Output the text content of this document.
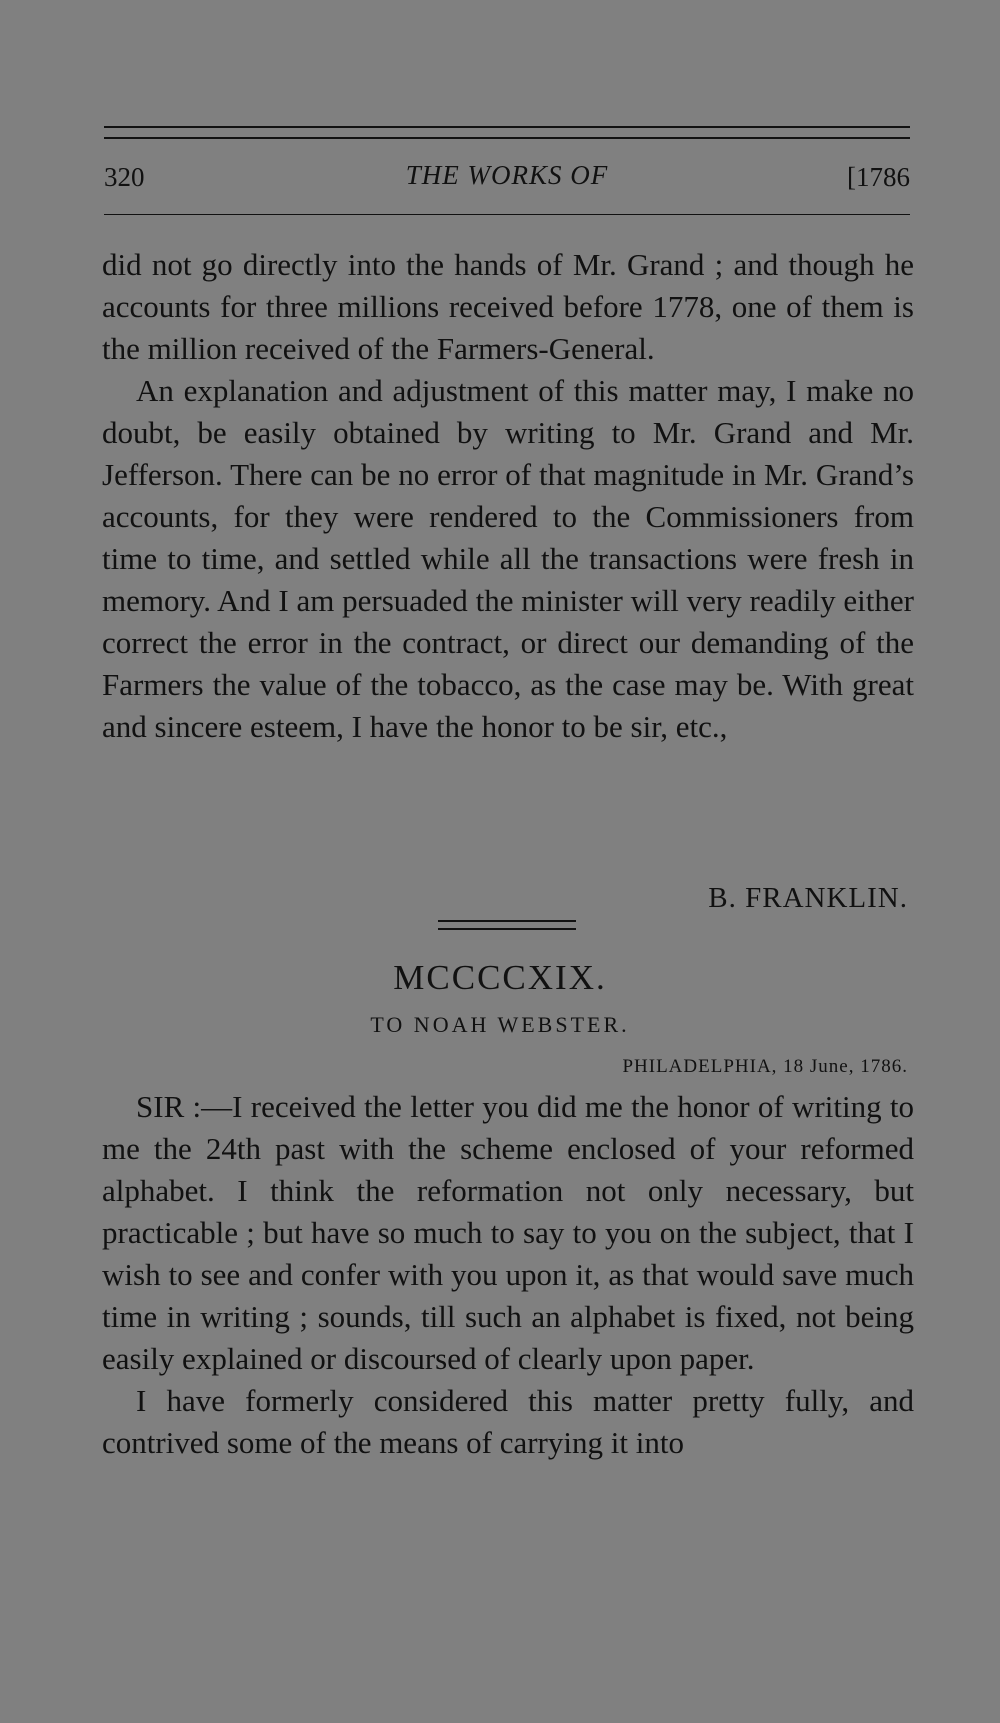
320	THE WORKS OF	[1786

did not go directly into the hands of Mr. Grand ; and though he accounts for three millions received before 1778, one of them is the million received of the Farmers-General.

An explanation and adjustment of this matter may, I make no doubt, be easily obtained by writing to Mr. Grand and Mr. Jefferson. There can be no error of that magnitude in Mr. Grand’s accounts, for they were rendered to the Commissioners from time to time, and settled while all the transactions were fresh in memory. And I am persuaded the minister will very readily either correct the error in the contract, or direct our demanding of the Farmers the value of the tobacco, as the case may be. With great and sincere esteem, I have the honor to be sir, etc.,

B. FRANKLIN.
MCCCCXIX.
TO NOAH WEBSTER.
PHILADELPHIA, 18 June, 1786.

SIR :—I received the letter you did me the honor of writing to me the 24th past with the scheme enclosed of your reformed alphabet. I think the reformation not only necessary, but practicable ; but have so much to say to you on the subject, that I wish to see and confer with you upon it, as that would save much time in writing ; sounds, till such an alphabet is fixed, not being easily explained or discoursed of clearly upon paper.

I have formerly considered this matter pretty fully, and contrived some of the means of carrying it into
